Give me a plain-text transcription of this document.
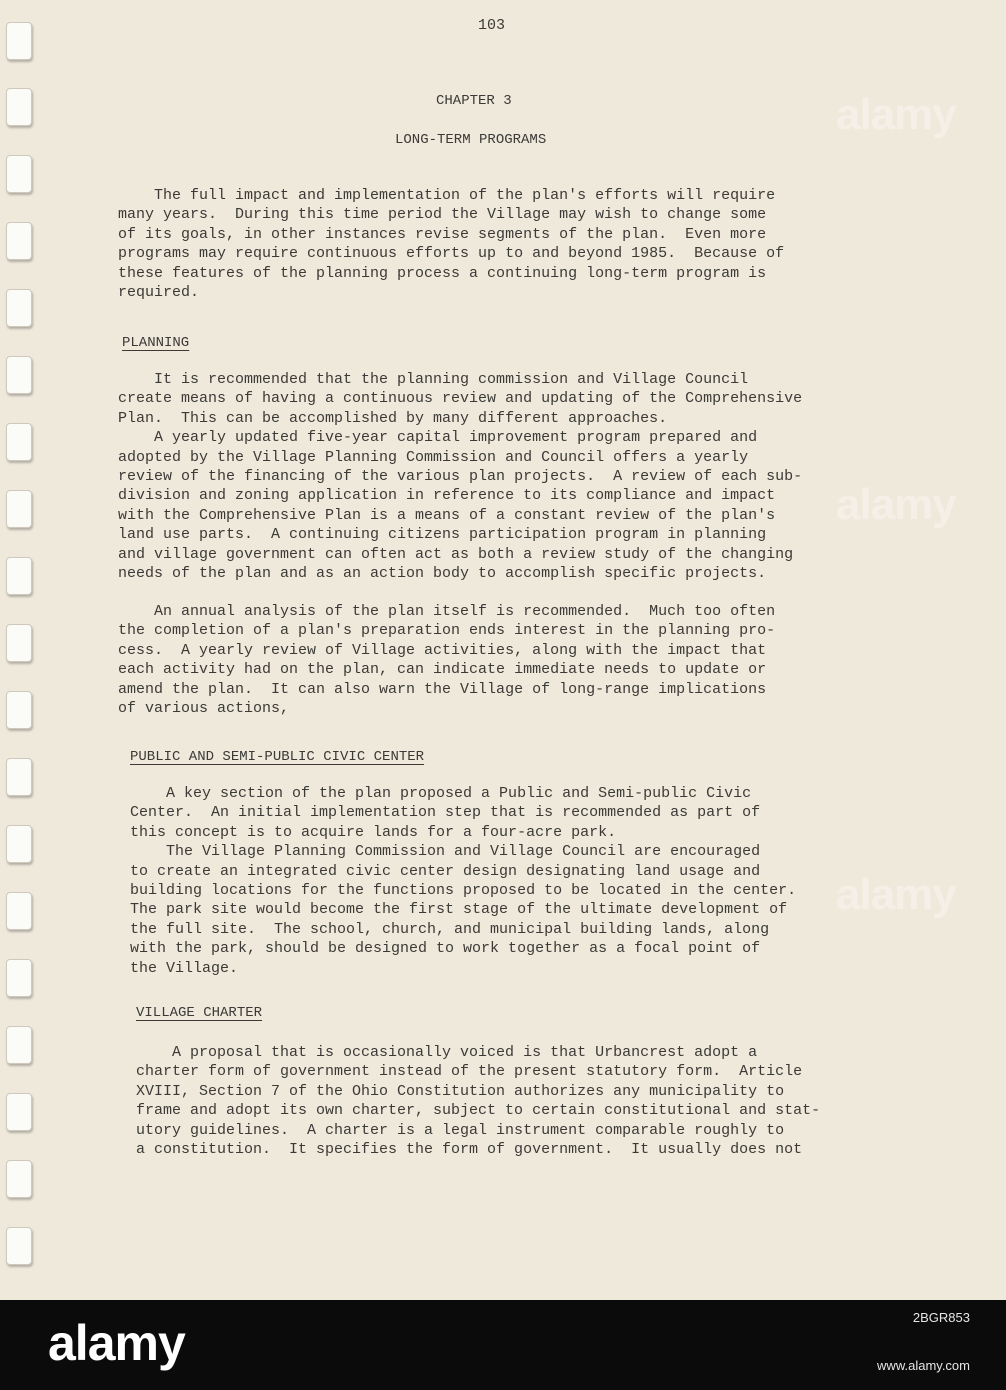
alamy
alamy
alamy
103
CHAPTER 3
LONG-TERM PROGRAMS
The full impact and implementation of the plan's efforts will require
many years.  During this time period the Village may wish to change some
of its goals, in other instances revise segments of the plan.  Even more
programs may require continuous efforts up to and beyond 1985.  Because of
these features of the planning process a continuing long-term program is
required.
PLANNING
It is recommended that the planning commission and Village Council
create means of having a continuous review and updating of the Comprehensive
Plan.  This can be accomplished by many different approaches.
A yearly updated five-year capital improvement program prepared and
adopted by the Village Planning Commission and Council offers a yearly
review of the financing of the various plan projects.  A review of each sub-
division and zoning application in reference to its compliance and impact
with the Comprehensive Plan is a means of a constant review of the plan's
land use parts.  A continuing citizens participation program in planning
and village government can often act as both a review study of the changing
needs of the plan and as an action body to accomplish specific projects.
An annual analysis of the plan itself is recommended.  Much too often
the completion of a plan's preparation ends interest in the planning pro-
cess.  A yearly review of Village activities, along with the impact that
each activity had on the plan, can indicate immediate needs to update or
amend the plan.  It can also warn the Village of long-range implications
of various actions,
PUBLIC AND SEMI-PUBLIC CIVIC CENTER
A key section of the plan proposed a Public and Semi-public Civic
Center.  An initial implementation step that is recommended as part of
this concept is to acquire lands for a four-acre park.
The Village Planning Commission and Village Council are encouraged
to create an integrated civic center design designating land usage and
building locations for the functions proposed to be located in the center.
The park site would become the first stage of the ultimate development of
the full site.  The school, church, and municipal building lands, along
with the park, should be designed to work together as a focal point of
the Village.
VILLAGE CHARTER
A proposal that is occasionally voiced is that Urbancrest adopt a
charter form of government instead of the present statutory form.  Article
XVIII, Section 7 of the Ohio Constitution authorizes any municipality to
frame and adopt its own charter, subject to certain constitutional and stat-
utory guidelines.  A charter is a legal instrument comparable roughly to
a constitution.  It specifies the form of government.  It usually does not
alamy	2BGR853
www.alamy.com
